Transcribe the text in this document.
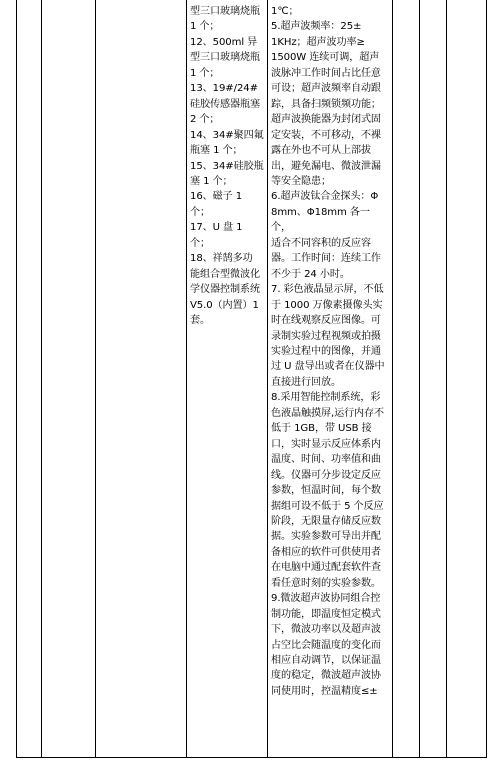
型三口玻璃烧瓶
1 个；
12、500ml 异
型三口玻璃烧瓶
1 个；
13、19#/24#
硅胶传感器瓶塞
2 个；
14、34#聚四氟
瓶塞 1 个；
15、34#硅胶瓶
塞 1 个；
16、磁子 1
个；
17、U 盘 1
个；
18、祥鹄多功
能组合型微波化
学仪器控制系统
V5.0（内置）1
套。
1℃；
5.超声波频率：25±
1KHz；超声波功率≥
1500W 连续可调，超声
波脉冲工作时间占比任意
可设；超声波频率自动跟
踪，具备扫频锁频功能；
超声波换能器为封闭式固
定安装，不可移动，不裸
露在外也不可从上部拔
出，避免漏电、微波泄漏
等安全隐患；
6.超声波钛合金探头：Φ
8mm、Φ18mm 各一个，
适合不同容积的反应容
器。工作时间：连续工作
不少于 24 小时。
7. 彩色液晶显示屏，不低
于 1000 万像素摄像头实
时在线观察反应图像。可
录制实验过程视频或拍摄
实验过程中的图像，并通
过 U 盘导出或者在仪器中
直接进行回放。
8.采用智能控制系统，彩
色液晶触摸屏,运行内存不
低于 1GB，带 USB 接
口，实时显示反应体系内
温度、时间、功率值和曲
线。仪器可分步设定反应
参数，恒温时间，每个数
据组可设不低于 5 个反应
阶段，无限量存储反应数
据。实验参数可导出并配
备相应的软件可供使用者
在电脑中通过配套软件查
看任意时刻的实验参数。
9.微波超声波协同组合控
制功能，即温度恒定模式
下，微波功率以及超声波
占空比会随温度的变化而
相应自动调节，以保证温
度的稳定，微波超声波协
同使用时，控温精度≤±
